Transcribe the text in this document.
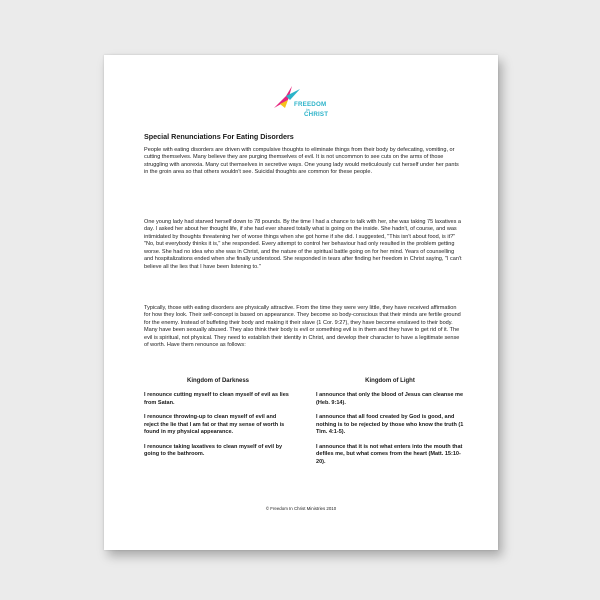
FREEDOM
in
CHRIST
Special Renunciations For Eating Disorders

People with eating disorders are driven with compulsive thoughts to eliminate things from their body by defecating, vomiting, or cutting themselves. Many believe they are purging themselves of evil. It is not uncommon to see cuts on the arms of those struggling with anorexia. Many cut themselves in secretive ways. One young lady would meticulously cut herself under her pants in the groin area so that others wouldn't see. Suicidal thoughts are common for these people.

One young lady had starved herself down to 78 pounds. By the time I had a chance to talk with her, she was taking 75 laxatives a day. I asked her about her thought life, if she had ever shared totally what is going on the inside. She hadn't, of course, and was intimidated by thoughts threatening her of worse things when she got home if she did. I suggested, "This isn't about food, is it?" "No, but everybody thinks it is," she responded. Every attempt to control her behaviour had only resulted in the problem getting worse. She had no idea who she was in Christ, and the nature of the spiritual battle going on for her mind. Years of counselling and hospitalizations ended when she finally understood. She responded in tears after finding her freedom in Christ saying, "I can't believe all the lies that I have been listening to."

Typically, those with eating disorders are physically attractive. From the time they were very little, they have received affirmation for how they look. Their self-concept is based on appearance. They become so body-conscious that their minds are fertile ground for the enemy. Instead of buffeting their body and making it their slave (1 Cor. 9:27), they have become enslaved to their body. Many have been sexually abused. They also think their body is evil or something evil is in them and they have to get rid of it. The evil is spiritual, not physical. They need to establish their identity in Christ, and develop their character to have a legitimate sense of worth. Have them renounce as follows:

Kingdom of Darkness

I renounce cutting myself to clean myself of evil as lies from Satan.

I renounce throwing-up to clean myself of evil and reject the lie that I am fat or that my sense of worth is found in my physical appearance.

I renounce taking laxatives to clean myself of evil by going to the bathroom.

Kingdom of Light

I announce that only the blood of Jesus can cleanse me (Heb. 9:14).

I announce that all food created by God is good, and nothing is to be rejected by those who know the truth (1 Tim. 4:1-5).

I announce that it is not what enters into the mouth that defiles me, but what comes from the heart (Matt. 15:10-20).

© Freedom In Christ Ministries 2010
